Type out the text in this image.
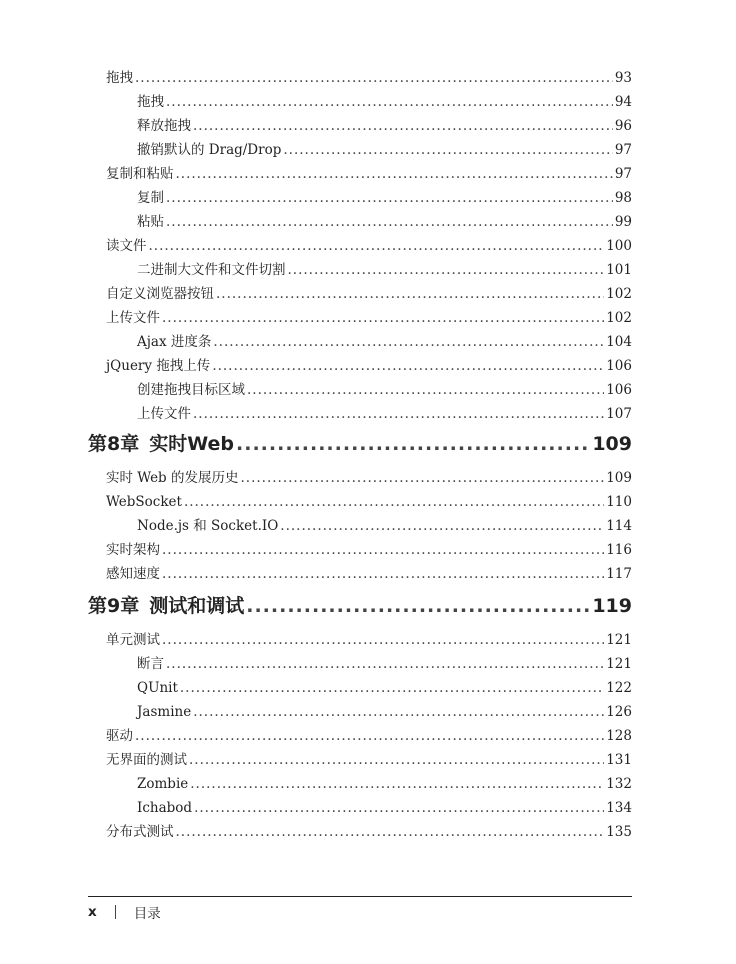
拖拽 .....	93
拖拽 .....	94
释放拖拽 .....	96
撤销默认的 Drag/Drop .....	97
复制和粘贴 .....	97
复制 .....	98
粘贴 .....	99
读文件 .....	100
二进制大文件和文件切割 .....	101
自定义浏览器按钮 .....	102
上传文件 .....	102
Ajax 进度条 .....	104
jQuery 拖拽上传 .....	106
创建拖拽目标区域 .....	106
上传文件 .....	107
第8章 实时Web .....	109
实时 Web 的发展历史 .....	109
WebSocket .....	110
Node.js 和 Socket.IO .....	114
实时架构 .....	116
感知速度 .....	117
第9章 测试和调试 .....	119
单元测试 .....	121
断言 .....	121
QUnit .....	122
Jasmine .....	126
驱动 .....	128
无界面的测试 .....	131
Zombie .....	132
Ichabod .....	134
分布式测试 .....	135
x	目录
